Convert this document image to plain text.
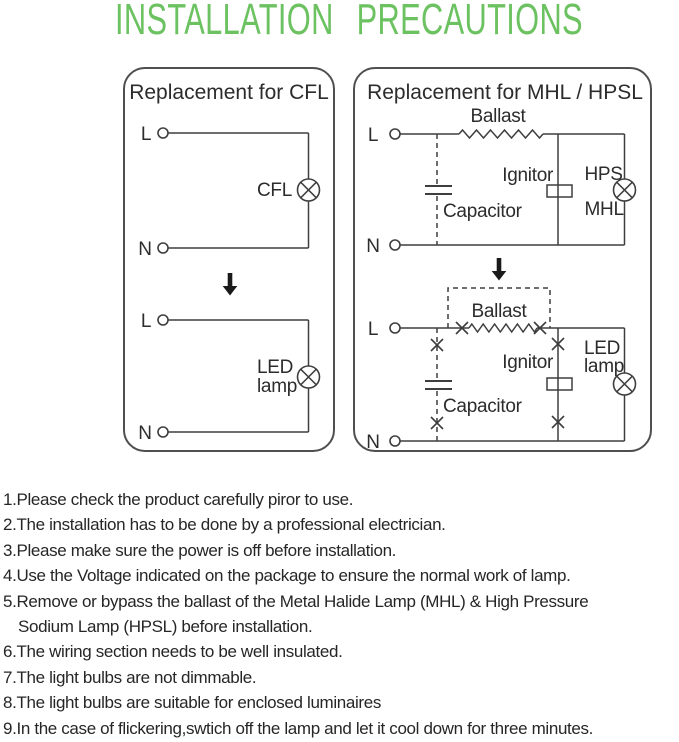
INSTALLATION PRECAUTIONS
Replacement for CFL
L
CFL
N
L
LED
lamp
N
Replacement for MHL / HPSL
L
Ballast
Capacitor
Ignitor HPS
MHL
N
Ballast
L
Capacitor
Ignitor
LED
lamp
N
1.Please check the product carefully piror to use.
2.The installation has to be done by a professional electrician.
3.Please make sure the power is off before installation.
4.Use the Voltage indicated on the package to ensure the normal work of lamp.
5.Remove or bypass the ballast of the Metal Halide Lamp (MHL) & High Pressure
Sodium Lamp (HPSL) before installation.
6.The wiring section needs to be well insulated.
7.The light bulbs are not dimmable.
8.The light bulbs are suitable for enclosed luminaires
9.In the case of flickering,swtich off the lamp and let it cool down for three minutes.
